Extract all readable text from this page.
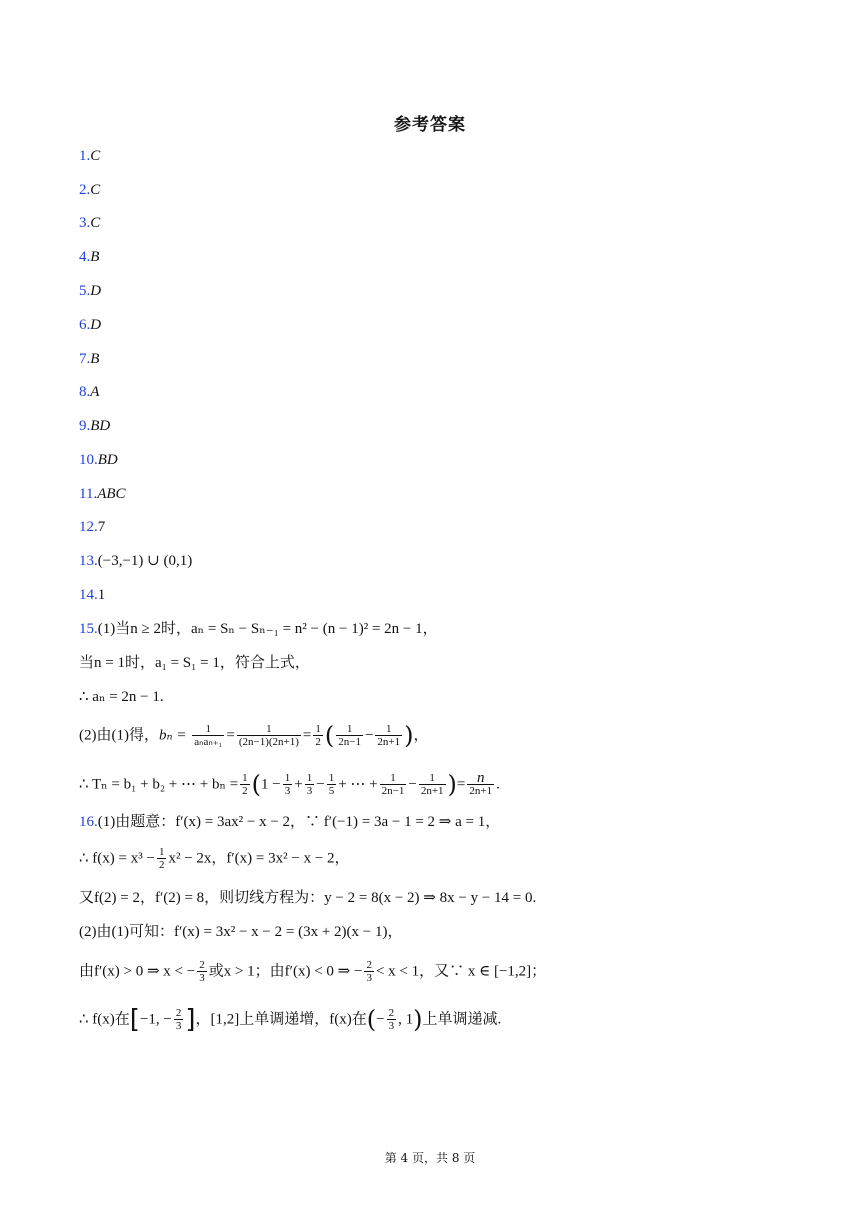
参考答案
1.C
2.C
3.C
4.B
5.D
6.D
7.B
8.A
9.BD
10.BD
11.ABC
12.7
13.(−3,−1) ∪ (0,1)
14.1
15.(1)当n ≥ 2时，aₙ = Sₙ − Sₙ₋₁ = n² − (n − 1)² = 2n − 1，
当n = 1时，a₁ = S₁ = 1，符合上式，
∴ aₙ = 2n − 1.
(2)由(1)得，$b_n = \frac{1}{\text{aₙaₙ₊₁}} = \frac{1}{(2n-1)(2n+1)} = \frac{1}{2}$ ( $\frac{1}{2n-1} - \frac{1}{2n+1}$ )，
∴ Tₙ = b₁ + b₂ + ⋯ + $b_n = \frac{1}{2} (1 - \frac{1}{3} + \frac{1}{3} - \frac{1}{5}$ + ⋯ + $\frac{1}{2n-1} - \frac{1}{2n+1}$ )= $\frac{n}{2n+1}$ .
16.(1)由题意：f′(x) = 3ax² − x − 2，∵ f′(−1) = 3a − 1 = 2 ⇒ a = 1，
∴ $f(x) = x^3 - \frac{1}{2} x^2 - 2x$，f′(x) = 3x² − x − 2，
又f(2) = 2，f′(2) = 8，则切线方程为：y − 2 = 8(x − 2) ⇒ 8x − y − 14 = 0.
(2)由(1)可知：f′(x) = 3x² − x − 2 = (3x + 2)(x − 1)，
由f′(x) > 0 ⇒ x < − $\frac{2}{3}$ 或x > 1；由f′(x) < 0 ⇒ − $\frac{2}{3} < x < 1$，又∵ x ∈ [−1,2]；
∴ f(x)在[−1, − $\frac{2}{3}$ ]，[1,2]上单调递增，f(x)在(− $\frac{2}{3}$ , 1)上单调递减.
第 4 页，共 8 页
